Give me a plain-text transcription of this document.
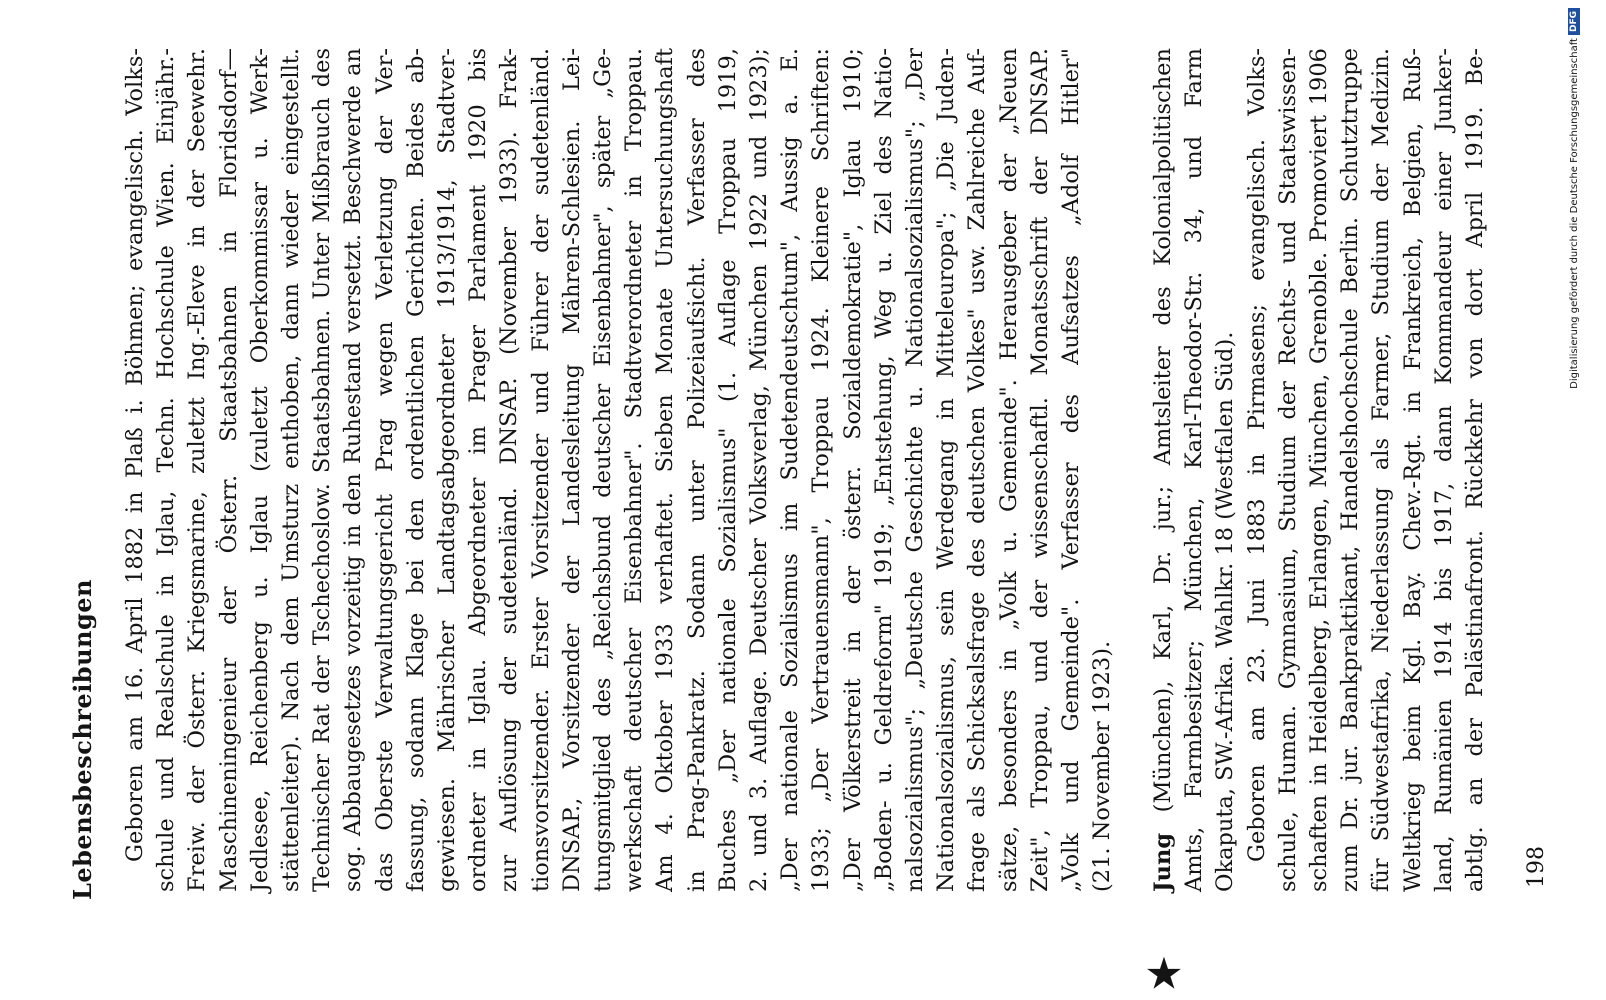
Lebensbeschreibungen Geboren am 16. April 1882 in Plaß i. Böhmen; evangelisch. Volks- schule und Realschule in Iglau, Techn. Hochschule Wien. Einjähr.- Freiw. der Österr. Kriegsmarine, zuletzt Ing.-Eleve in der Seewehr. Maschineningenieur der Österr. Staatsbahnen in Floridsdorf— Jedlesee, Reichenberg u. Iglau (zuletzt Oberkommissar u. Werk- stättenleiter). Nach dem Umsturz enthoben, dann wieder eingestellt. Technischer Rat der Tschechoslow. Staatsbahnen. Unter Mißbrauch des sog. Abbaugesetzes vorzeitig in den Ruhestand versetzt. Beschwerde an das Oberste Verwaltungsgericht Prag wegen Verletzung der Ver- fassung, sodann Klage bei den ordentlichen Gerichten. Beides ab- gewiesen. Mährischer Landtagsabgeordneter 1913/1914, Stadtver- ordneter in Iglau. Abgeordneter im Prager Parlament 1920 bis zur Auflösung der sudetenländ. DNSAP. (November 1933). Frak- tionsvorsitzender. Erster Vorsitzender und Führer der sudetenländ. DNSAP., Vorsitzender der Landesleitung Mähren-Schlesien. Lei- tungsmitglied des „Reichsbund deutscher Eisenbahner", später „Ge- werkschaft deutscher Eisenbahner". Stadtverordneter in Troppau. Am 4. Oktober 1933 verhaftet. Sieben Monate Untersuchungshaft in Prag-Pankratz. Sodann unter Polizeiaufsicht. Verfasser des Buches „Der nationale Sozialismus" (1. Auflage Troppau 1919, 2. und 3. Auflage. Deutscher Volksverlag, München 1922 und 1923); „Der nationale Sozialismus im Sudetendeutschtum", Aussig a. E. 1933; „Der Vertrauensmann", Troppau 1924. Kleinere Schriften: „Der Völkerstreit in der österr. Sozialdemokratie", Iglau 1910; „Boden- u. Geldreform" 1919; „Entstehung, Weg u. Ziel des Natio- nalsozialismus"; „Deutsche Geschichte u. Nationalsozialismus"; „Der Nationalsozialismus, sein Werdegang in Mitteleuropa"; „Die Juden- frage als Schicksalsfrage des deutschen Volkes" usw. Zahlreiche Auf- sätze, besonders in „Volk u. Gemeinde". Herausgeber der „Neuen Zeit", Troppau, und der wissenschaftl. Monatsschrift der DNSAP. „Volk und Gemeinde". Verfasser des Aufsatzes „Adolf Hitler" (21. November 1923).

★

Jung (München), Karl, Dr. jur.; Amtsleiter des Kolonialpolitischen Amts, Farmbesitzer; München, Karl-Theodor-Str. 34, und Farm Okaputa, SW.-Afrika. Wahlkr. 18 (Westfalen Süd). Geboren am 23. Juni 1883 in Pirmasens; evangelisch. Volks- schule, Human. Gymnasium, Studium der Rechts- und Staatswissen- schaften in Heidelberg, Erlangen, München, Grenoble. Promoviert 1906 zum Dr. jur. Bankpraktikant, Handelshochschule Berlin. Schutztruppe für Südwestafrika, Niederlassung als Farmer, Studium der Medizin. Weltkrieg beim Kgl. Bay. Chev.-Rgt. in Frankreich, Belgien, Ruß- land, Rumänien 1914 bis 1917, dann Kommandeur einer Junker- abtlg. an der Palästinafront. Rückkehr von dort April 1919. Be- 198
Digitalisierung gefördert durch die Deutsche Forschungsgemeinschaft
DFG
